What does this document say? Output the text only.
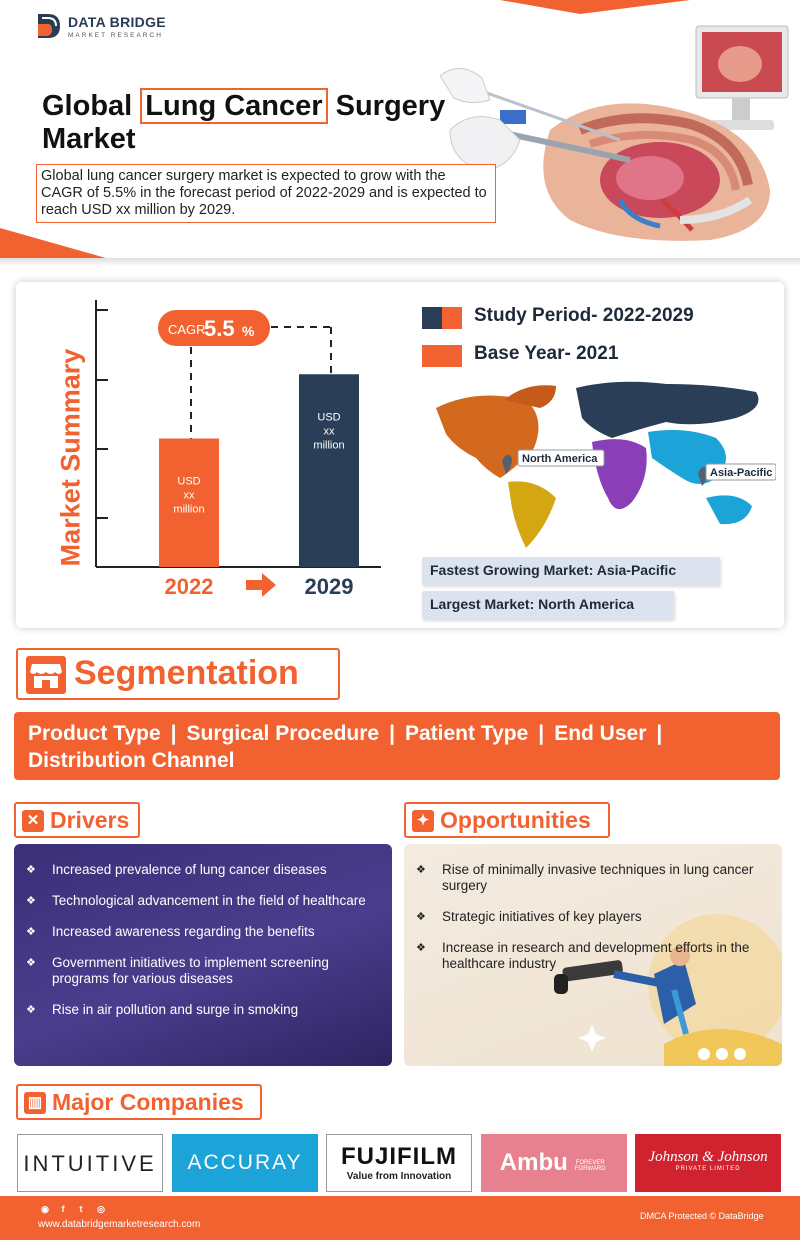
DATA BRIDGE
MARKET RESEARCH
Global Lung Cancer Surgery Market
Global lung cancer surgery market is expected to grow with the CAGR of 5.5% in the forecast period of 2022-2029 and is expected to reach USD xx million by 2029.
Market Summary
CAGR
5.5 %
USD
xx
million
USD
xx
million
2022	2029
Study Period- 2022-2029
Base Year- 2021
North America
Asia-Pacific
Fastest Growing Market: Asia-Pacific
Largest Market: North America
Segmentation
Product Type | Surgical Procedure | Patient Type | End User |
Distribution Channel
✕ Drivers
❖ Increased prevalence of lung cancer diseases
❖ Technological advancement in the field of healthcare
❖ Increased awareness regarding the benefits
❖ Government initiatives to implement screening programs for various diseases
❖ Rise in air pollution and surge in smoking
✦ Opportunities
❖ Rise of minimally invasive techniques in lung cancer surgery
❖ Strategic initiatives of key players
❖ Increase in research and development efforts in the healthcare industry
▥ Major Companies
INTUITIVE	ACCURAY	FUJIFILM
Value from Innovation
Ambu FOREVER FORWARD
Johnson & Johnson
PRIVATE LIMITED
◉	f	t	◎
www.databridgemarketresearch.com
DMCA Protected © DataBridge
